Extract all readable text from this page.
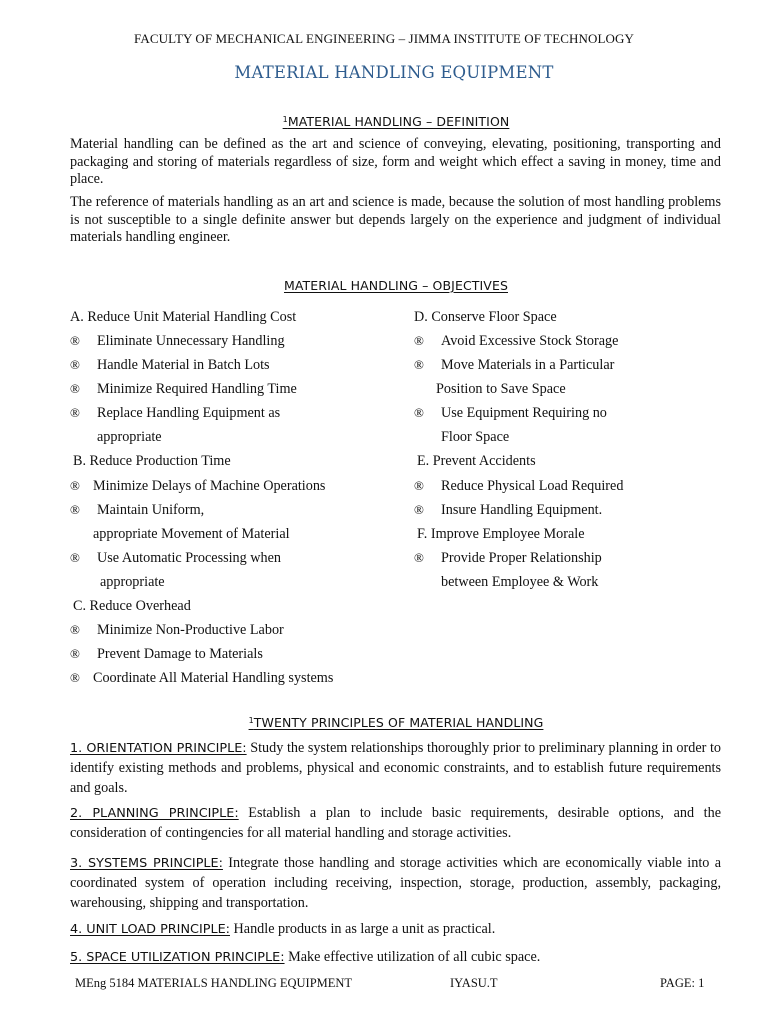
FACULTY OF MECHANICAL ENGINEERING – JIMMA INSTITUTE OF TECHNOLOGY
MATERIAL HANDLING EQUIPMENT
$^1$MATERIAL HANDLING – DEFINITION

Material handling can be defined as the art and science of conveying, elevating, positioning, transporting and packaging and storing of materials regardless of size, form and weight which effect a saving in money, time and place.

The reference of materials handling as an art and science is made, because the solution of most handling problems is not susceptible to a single definite answer but depends largely on the experience and judgment of individual materials handling engineer.

MATERIAL HANDLING – OBJECTIVES
A. Reduce Unit Material Handling Cost
® Eliminate Unnecessary Handling
® Handle Material in Batch Lots
® Minimize Required Handling Time
® Replace Handling Equipment as
appropriate
B. Reduce Production Time
® Minimize Delays of Machine Operations
® Maintain Uniform,
appropriate Movement of Material
® Use Automatic Processing when
appropriate
C. Reduce Overhead
® Minimize Non-Productive Labor
® Prevent Damage to Materials
® Coordinate All Material Handling systems
D. Conserve Floor Space
® Avoid Excessive Stock Storage
® Move Materials in a Particular
Position to Save Space
® Use Equipment Requiring no
Floor Space
E. Prevent Accidents
® Reduce Physical Load Required
® Insure Handling Equipment.
F. Improve Employee Morale
® Provide Proper Relationship
between Employee & Work
$^1$TWENTY PRINCIPLES OF MATERIAL HANDLING

1. ORIENTATION PRINCIPLE: Study the system relationships thoroughly prior to preliminary planning in order to identify existing methods and problems, physical and economic constraints, and to establish future requirements and goals.

2. PLANNING PRINCIPLE: Establish a plan to include basic requirements, desirable options, and the consideration of contingencies for all material handling and storage activities.

3. SYSTEMS PRINCIPLE: Integrate those handling and storage activities which are economically viable into a coordinated system of operation including receiving, inspection, storage, production, assembly, packaging, warehousing, shipping and transportation.

4. UNIT LOAD PRINCIPLE: Handle products in as large a unit as practical.

5. SPACE UTILIZATION PRINCIPLE: Make effective utilization of all cubic space.

MEng 5184 MATERIALS HANDLING EQUIPMENT	IYASU.T	PAGE: 1
